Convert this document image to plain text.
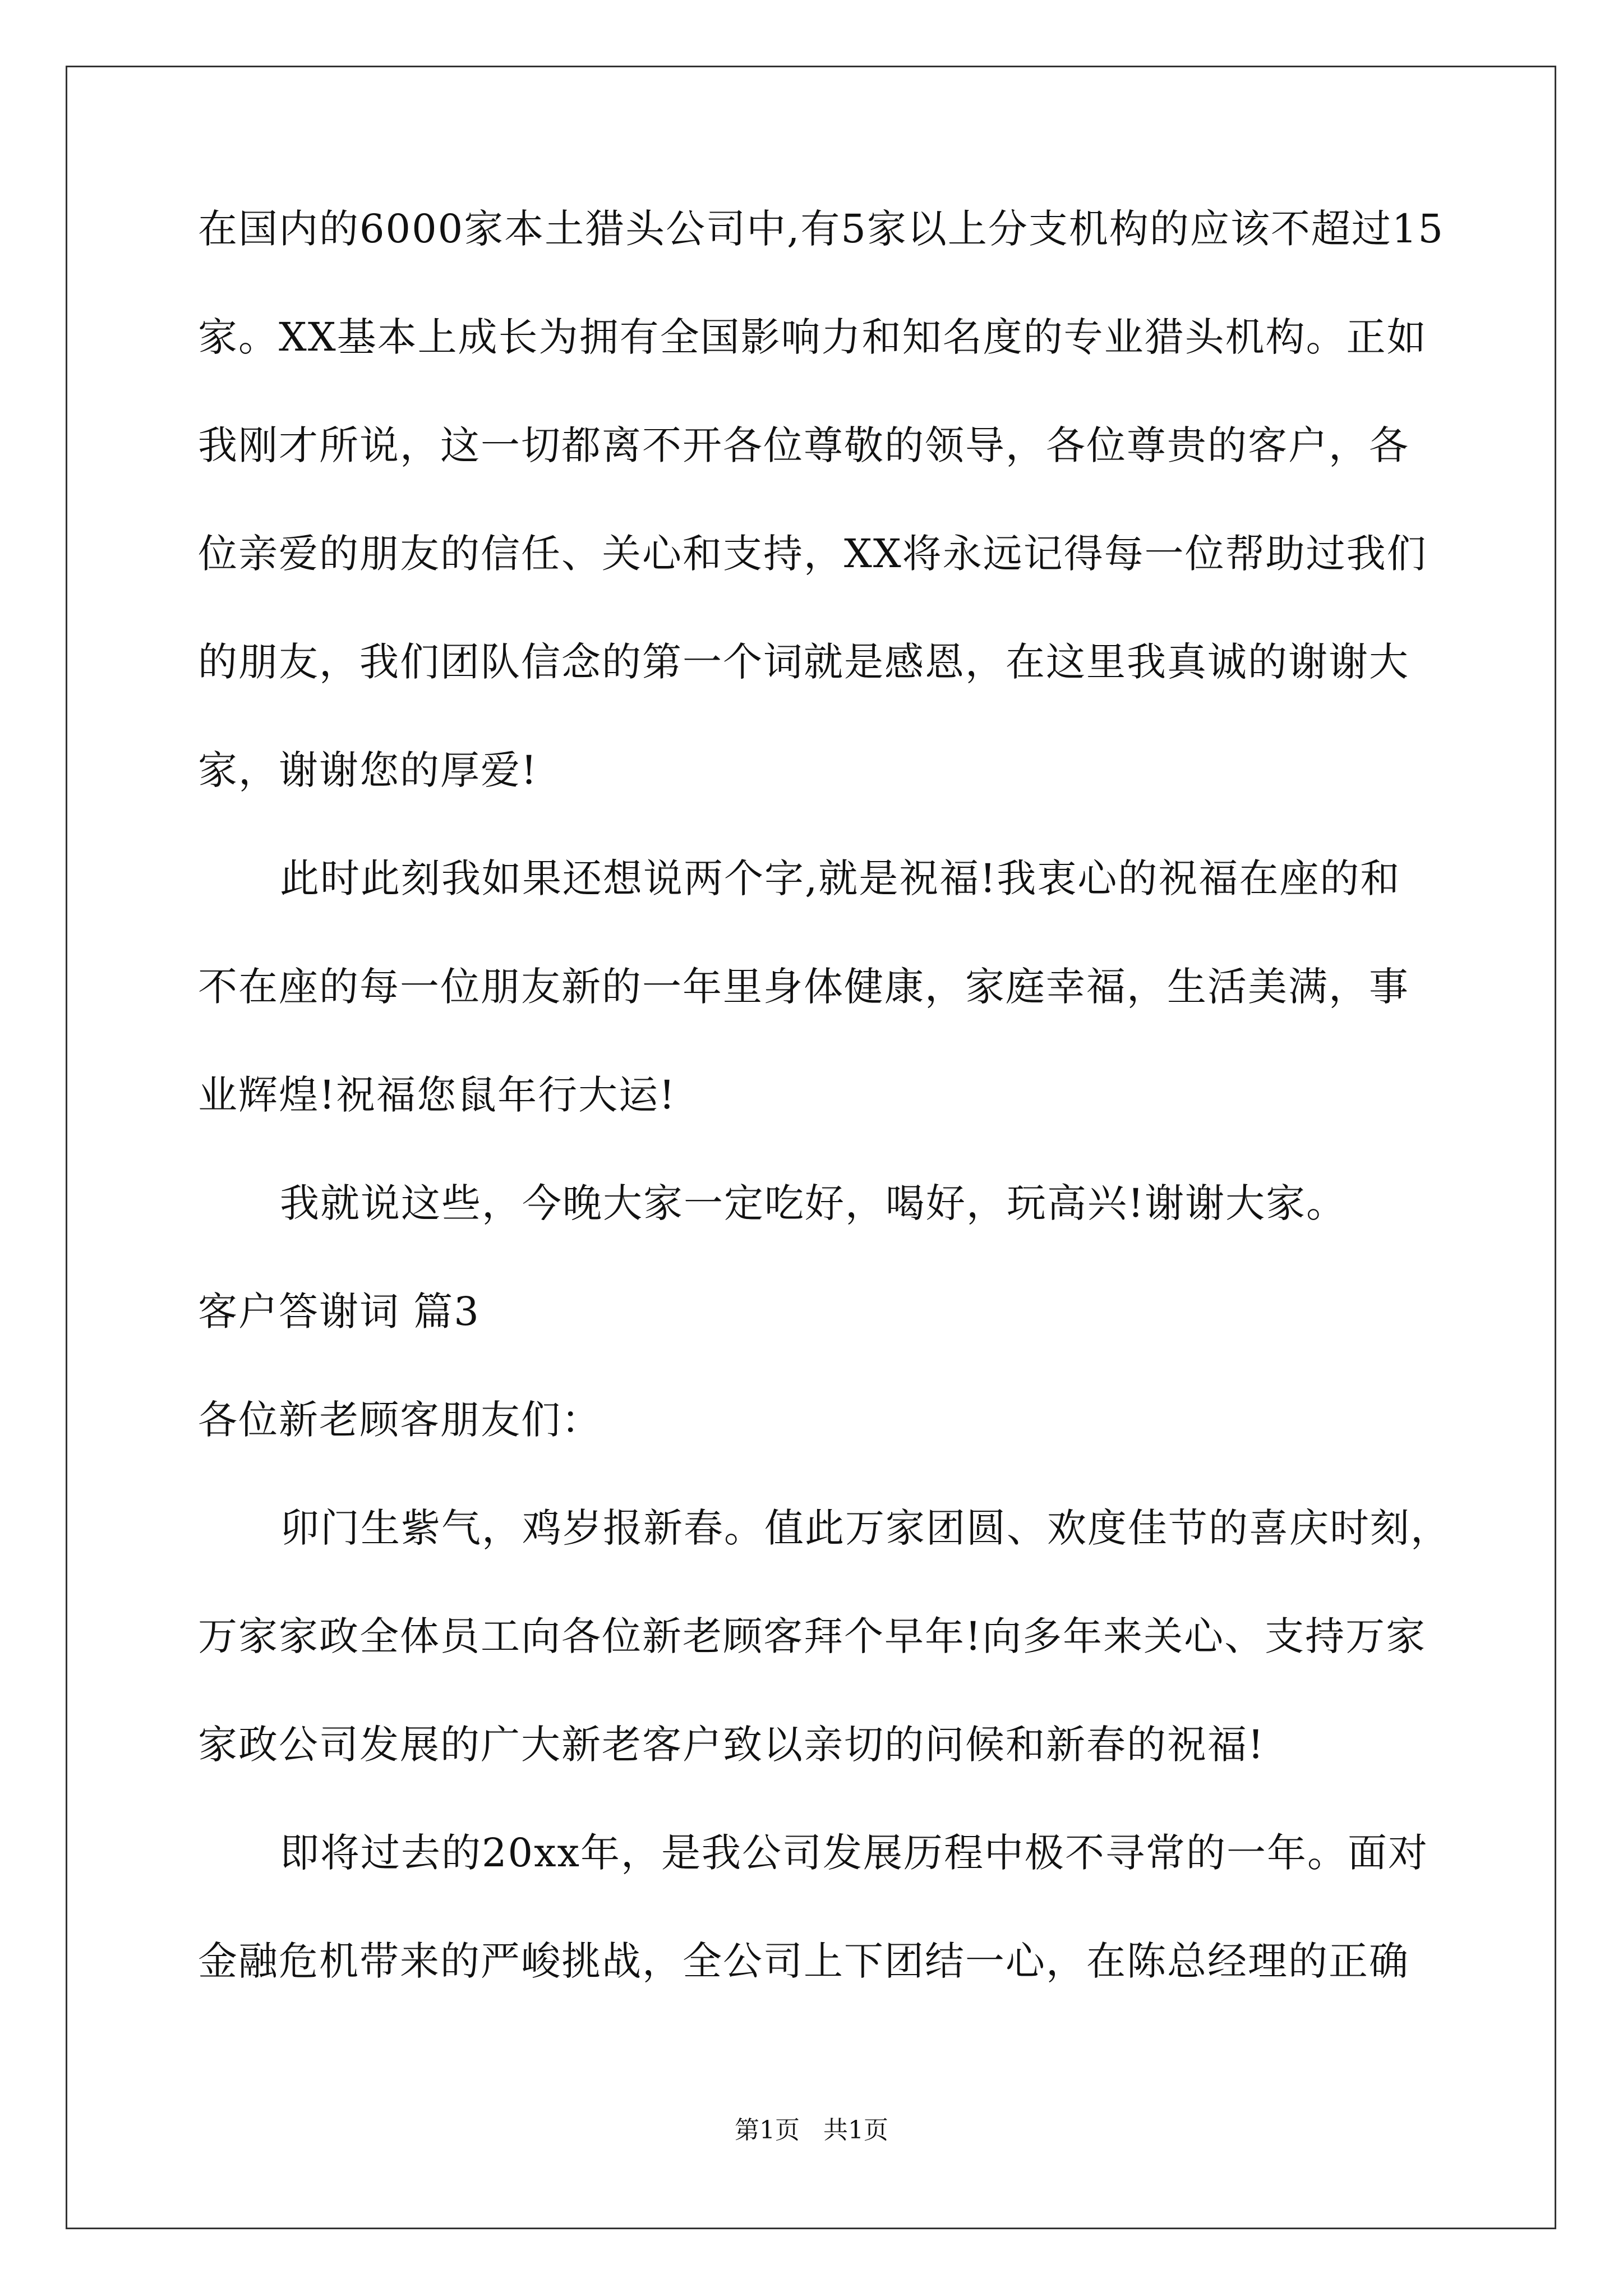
在国内的6000家本土猎头公司中,有5家以上分支机构的应该不超过15
家。XX基本上成长为拥有全国影响力和知名度的专业猎头机构。正如
我刚才所说，这一切都离不开各位尊敬的领导，各位尊贵的客户，各
位亲爱的朋友的信任、关心和支持，XX将永远记得每一位帮助过我们
的朋友，我们团队信念的第一个词就是感恩，在这里我真诚的谢谢大
家，谢谢您的厚爱!
此时此刻我如果还想说两个字,就是祝福!我衷心的祝福在座的和
不在座的每一位朋友新的一年里身体健康，家庭幸福，生活美满，事
业辉煌!祝福您鼠年行大运!
我就说这些，今晚大家一定吃好，喝好，玩高兴!谢谢大家。
客户答谢词 篇3
各位新老顾客朋友们：
卯门生紫气，鸡岁报新春。值此万家团圆、欢度佳节的喜庆时刻，
万家家政全体员工向各位新老顾客拜个早年!向多年来关心、支持万家
家政公司发展的广大新老客户致以亲切的问候和新春的祝福!
即将过去的20xx年，是我公司发展历程中极不寻常的一年。面对
金融危机带来的严峻挑战，全公司上下团结一心，在陈总经理的正确
第1页   共1页
